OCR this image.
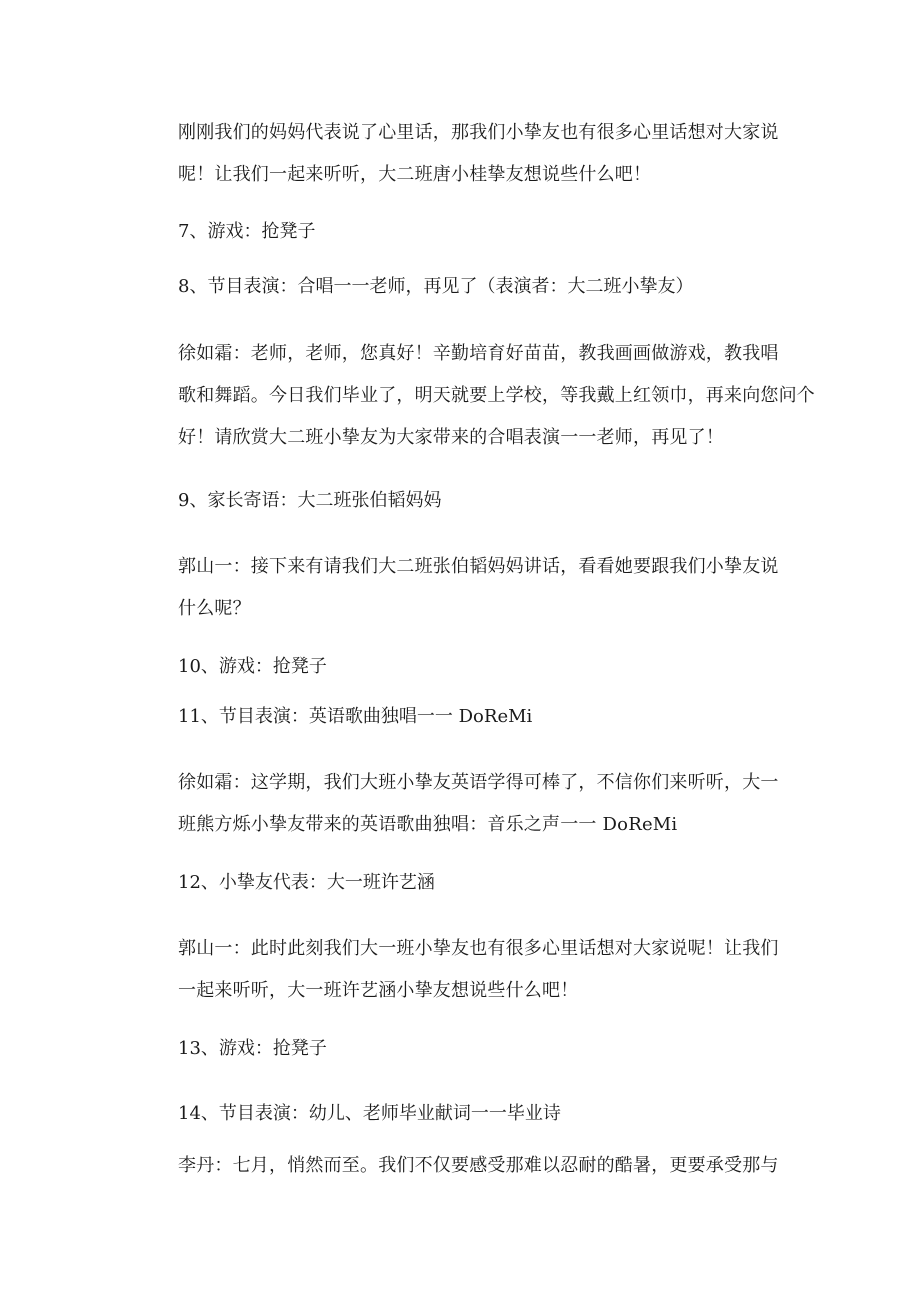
刚刚我们的妈妈代表说了心里话，那我们小挚友也有很多心里话想对大家说
呢！让我们一起来听听，大二班唐小桂挚友想说些什么吧！
7、游戏：抢凳子
8、节目表演：合唱一一老师，再见了（表演者：大二班小挚友）
徐如霜：老师，老师，您真好！辛勤培育好苗苗，教我画画做游戏，教我唱
歌和舞蹈。今日我们毕业了，明天就要上学校，等我戴上红领巾，再来向您问个
好！请欣赏大二班小挚友为大家带来的合唱表演一一老师，再见了！
9、家长寄语：大二班张伯韬妈妈
郭山一：接下来有请我们大二班张伯韬妈妈讲话，看看她要跟我们小挚友说
什么呢？
10、游戏：抢凳子
11、节目表演：英语歌曲独唱一一 DoReMi
徐如霜：这学期，我们大班小挚友英语学得可棒了，不信你们来听听，大一
班熊方烁小挚友带来的英语歌曲独唱：音乐之声一一 DoReMi
12、小挚友代表：大一班许艺涵
郭山一：此时此刻我们大一班小挚友也有很多心里话想对大家说呢！让我们
一起来听听，大一班许艺涵小挚友想说些什么吧！
13、游戏：抢凳子
14、节目表演：幼儿、老师毕业献词一一毕业诗
李丹：七月，悄然而至。我们不仅要感受那难以忍耐的酷暑，更要承受那与
